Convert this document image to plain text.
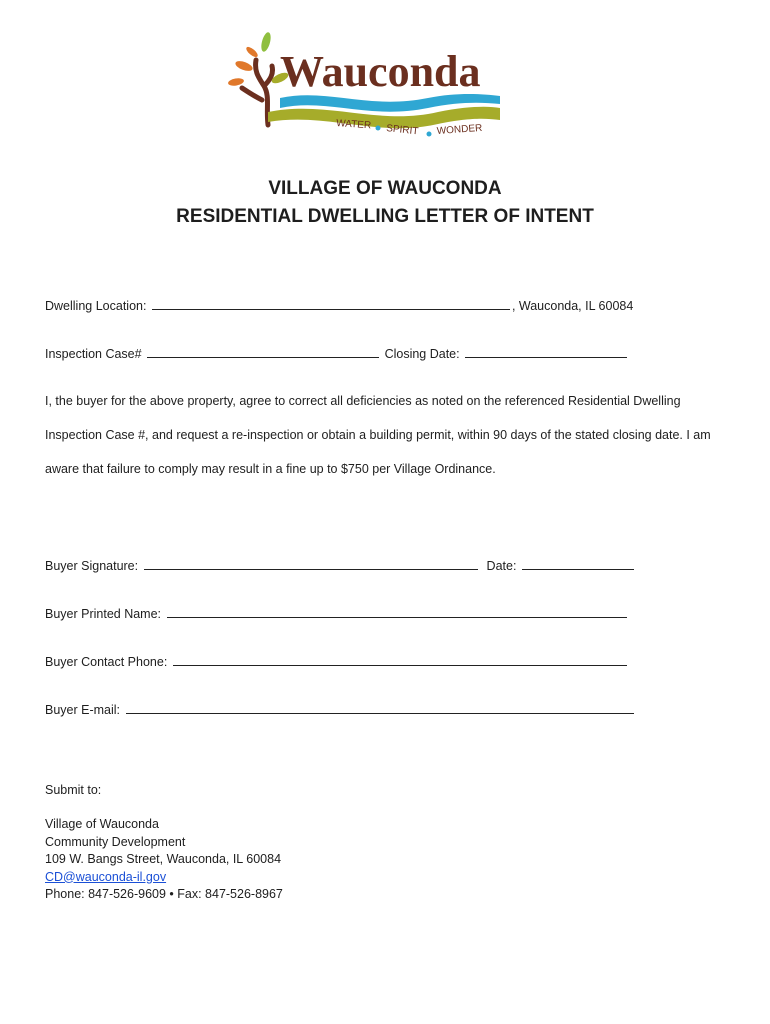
Wauconda
WATER SPIRIT WONDER
VILLAGE OF WAUCONDA
RESIDENTIAL DWELLING LETTER OF INTENT
Dwelling Location:	, Wauconda, IL 60084
Inspection Case#	Closing Date:
I, the buyer for the above property, agree to correct all deficiencies as noted on the referenced Residential Dwelling Inspection Case #, and request a re-inspection or obtain a building permit, within 90 days of the stated closing date. I am aware that failure to comply may result in a fine up to $750 per Village Ordinance.
Buyer Signature:	Date:
Buyer Printed Name:
Buyer Contact Phone:
Buyer E-mail:
Submit to:
Village of Wauconda
Community Development
109 W. Bangs Street, Wauconda, IL 60084
CD@wauconda-il.gov
Phone: 847-526-9609 • Fax: 847-526-8967
